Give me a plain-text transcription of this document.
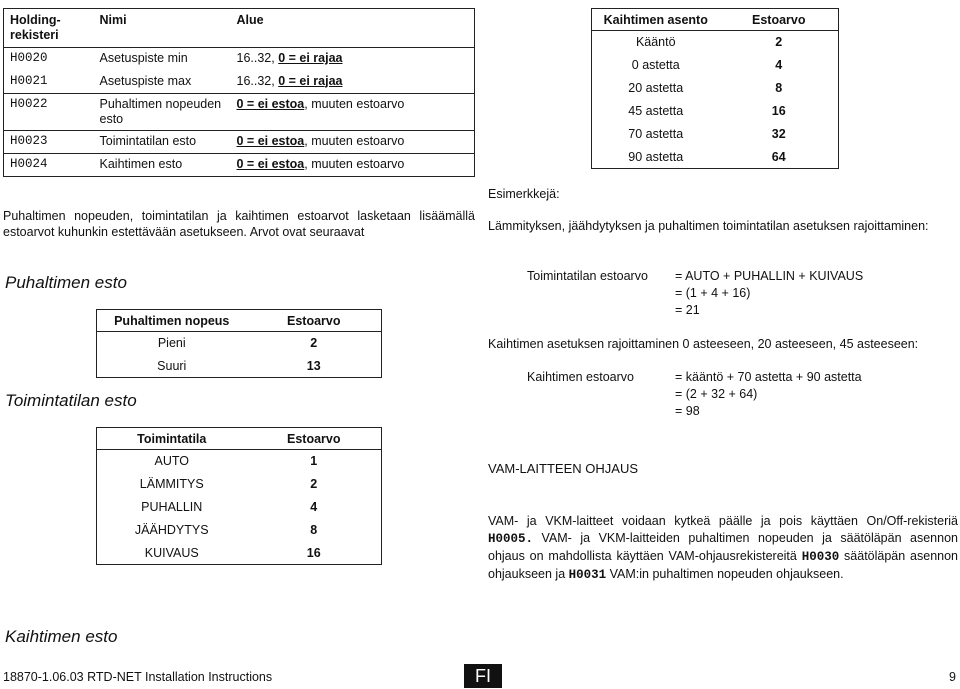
Holding-
rekisteri	Nimi	Alue
H0020	Asetuspiste min	16..32, 0 = ei rajaa
H0021	Asetuspiste max	16..32, 0 = ei rajaa
H0022	Puhaltimen nopeuden esto	0 = ei estoa, muuten estoarvo
H0023	Toimintatilan esto	0 = ei estoa, muuten estoarvo
H0024	Kaihtimen esto	0 = ei estoa, muuten estoarvo
Puhaltimen nopeuden, toimintatilan ja kaihtimen estoarvot lasketaan lisäämällä estoarvot kuhunkin estettävään asetukseen. Arvot ovat seuraavat
Puhaltimen esto
Puhaltimen nopeus	Estoarvo
Pieni	2
Suuri	13
Toimintatilan esto
Toimintatila	Estoarvo
AUTO	1
LÄMMITYS	2
PUHALLIN	4
JÄÄHDYTYS	8
KUIVAUS	16
Kaihtimen esto
Kaihtimen asento	Estoarvo
Kääntö	2
0 astetta	4
20 astetta	8
45 astetta	16
70 astetta	32
90 astetta	64
Esimerkkejä:
Lämmityksen, jäähdytyksen ja puhaltimen toimintatilan asetuksen rajoittaminen:
Toimintatilan estoarvo = AUTO + PUHALLIN + KUIVAUS
= (1 + 4 + 16)
= 21
Kaihtimen asetuksen rajoittaminen 0 asteeseen, 20 asteeseen, 45 asteeseen:
Kaihtimen estoarvo	= kääntö + 70 astetta + 90 astetta
= (2 + 32 + 64)
= 98
VAM-LAITTEEN OHJAUS
VAM- ja VKM-laitteet voidaan kytkeä päälle ja pois käyttäen On/Off-rekisteriä H0005. VAM- ja VKM-laitteiden puhaltimen nopeuden ja säätöläpän asennon ohjaus on mahdollista käyttäen VAM-ohjausrekistereitä H0030 säätöläpän asennon ohjaukseen ja H0031 VAM:in puhaltimen nopeuden ohjaukseen.
18870-1.06.03 RTD-NET Installation Instructions	FI	9
